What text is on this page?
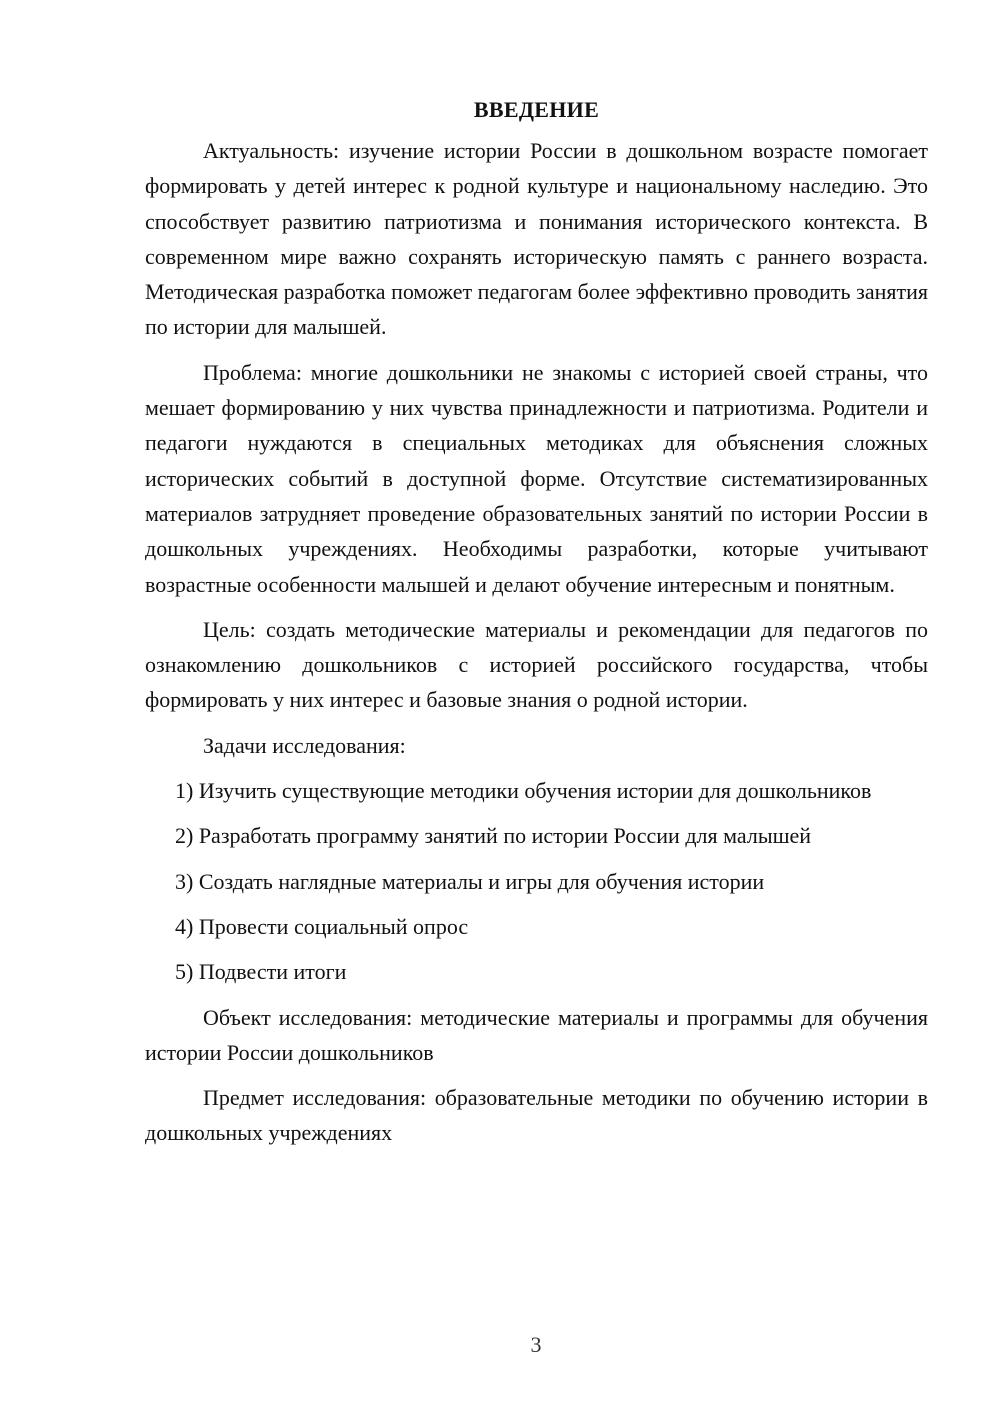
ВВЕДЕНИЕ

Актуальность: изучение истории России в дошкольном возрасте помогает формировать у детей интерес к родной культуре и национальному наследию. Это способствует развитию патриотизма и понимания исторического контекста. В современном мире важно сохранять историческую память с раннего возраста. Методическая разработка поможет педагогам более эффективно проводить занятия по истории для малышей.

Проблема: многие дошкольники не знакомы с историей своей страны, что мешает формированию у них чувства принадлежности и патриотизма. Родители и педагоги нуждаются в специальных методиках для объяснения сложных исторических событий в доступной форме. Отсутствие систематизированных материалов затрудняет проведение образовательных занятий по истории России в дошкольных учреждениях. Необходимы разработки, которые учитывают возрастные особенности малышей и делают обучение интересным и понятным.

Цель: создать методические материалы и рекомендации для педагогов по ознакомлению дошкольников с историей российского государства, чтобы формировать у них интерес и базовые знания о родной истории.

Задачи исследования:

1) Изучить существующие методики обучения истории для дошкольников

2) Разработать программу занятий по истории России для малышей

3) Создать наглядные материалы и игры для обучения истории

4) Провести социальный опрос

5) Подвести итоги

Объект исследования: методические материалы и программы для обучения истории России дошкольников

Предмет исследования: образовательные методики по обучению истории в дошкольных учреждениях

3
